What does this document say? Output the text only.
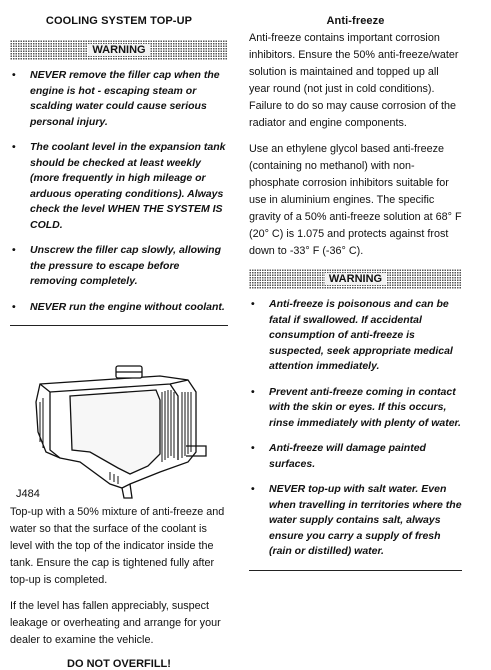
COOLING SYSTEM TOP-UP
WARNING
• NEVER remove the filler cap when the engine is hot - escaping steam or scalding water could cause serious personal injury.
• The coolant level in the expansion tank should be checked at least weekly (more frequently in high mileage or arduous operating conditions). Always check the level WHEN THE SYSTEM IS COLD.
• Unscrew the filler cap slowly, allowing the pressure to escape before removing completely.
• NEVER run the engine without coolant.
J484

Top-up with a 50% mixture of anti-freeze and water so that the surface of the coolant is level with the top of the indicator inside the tank. Ensure the cap is tightened fully after top-up is completed.

If the level has fallen appreciably, suspect leakage or overheating and arrange for your dealer to examine the vehicle.

DO NOT OVERFILL!
Anti-freeze

Anti-freeze contains important corrosion inhibitors. Ensure the 50% anti-freeze/water solution is maintained and topped up all year round (not just in cold conditions). Failure to do so may cause corrosion of the radiator and engine components.

Use an ethylene glycol based anti-freeze (containing no methanol) with non-phosphate corrosion inhibitors suitable for use in aluminium engines. The specific gravity of a 50% anti-freeze solution at 68° F (20° C) is 1.075 and protects against frost down to -33° F (-36° C).

WARNING
• Anti-freeze is poisonous and can be fatal if swallowed. If accidental consumption of anti-freeze is suspected, seek appropriate medical attention immediately.
• Prevent anti-freeze coming in contact with the skin or eyes. If this occurs, rinse immediately with plenty of water.
• Anti-freeze will damage painted surfaces.
• NEVER top-up with salt water. Even when travelling in territories where the water supply contains salt, always ensure you carry a supply of fresh (rain or distilled) water.
